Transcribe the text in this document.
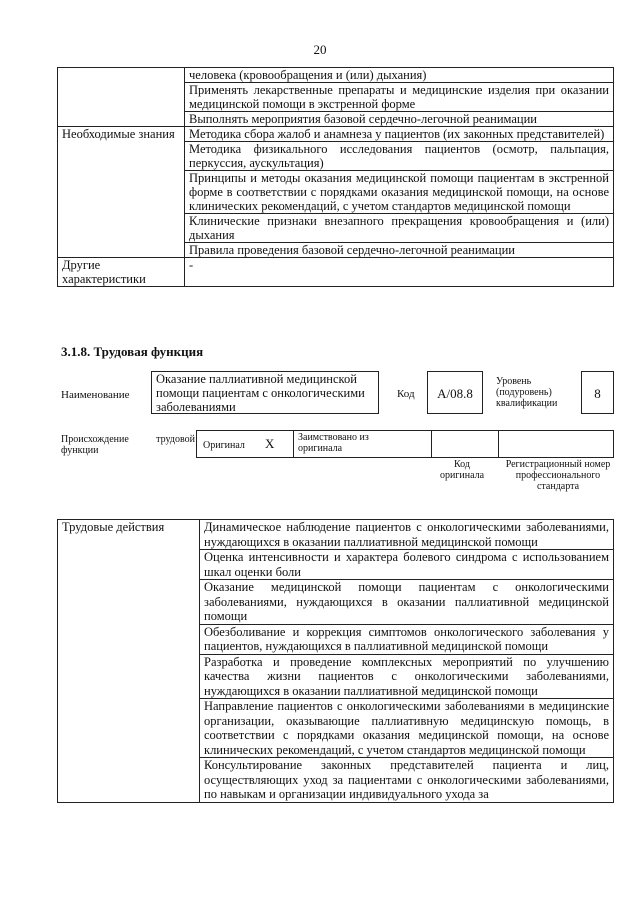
20
	человека (кровообращения и (или) дыхания)
	Применять лекарственные препараты и медицинские изделия при оказании медицинской помощи в экстренной форме
	Выполнять мероприятия базовой сердечно-легочной реанимации
Необходимые знания	Методика сбора жалоб и анамнеза у пациентов (их законных представителей)
	Методика физикального исследования пациентов (осмотр, пальпация, перкуссия, аускультация)
	Принципы и методы оказания медицинской помощи пациентам в экстренной форме в соответствии с порядками оказания медицинской помощи, на основе клинических рекомендаций, с учетом стандартов медицинской помощи
	Клинические признаки внезапного прекращения кровообращения и (или) дыхания
	Правила проведения базовой сердечно-легочной реанимации
Другие характеристики	-
3.1.8. Трудовая функция
Наименование
Оказание паллиативной медицинской помощи пациентам с онкологическими заболеваниями
Код	A/08.8
Уровень (подуровень) квалификации
8
Происхождение трудовой функции	Оригинал X Заимствовано из оригинала
Код оригинала
Регистрационный номер профессионального стандарта
Трудовые действия	Динамическое наблюдение пациентов с онкологическими заболеваниями, нуждающихся в оказании паллиативной медицинской помощи
Оценка интенсивности и характера болевого синдрома с использованием шкал оценки боли
Оказание медицинской помощи пациентам с онкологическими заболеваниями, нуждающихся в оказании паллиативной медицинской помощи
Обезболивание и коррекция симптомов онкологического заболевания у пациентов, нуждающихся в паллиативной медицинской помощи
Разработка и проведение комплексных мероприятий по улучшению качества жизни пациентов с онкологическими заболеваниями, нуждающихся в оказании паллиативной медицинской помощи
Направление пациентов с онкологическими заболеваниями в медицинские организации, оказывающие паллиативную медицинскую помощь, в соответствии с порядками оказания медицинской помощи, на основе клинических рекомендаций, с учетом стандартов медицинской помощи
Консультирование законных представителей пациента и лиц, осуществляющих уход за пациентами с онкологическими заболеваниями, по навыкам и организации индивидуального ухода за
